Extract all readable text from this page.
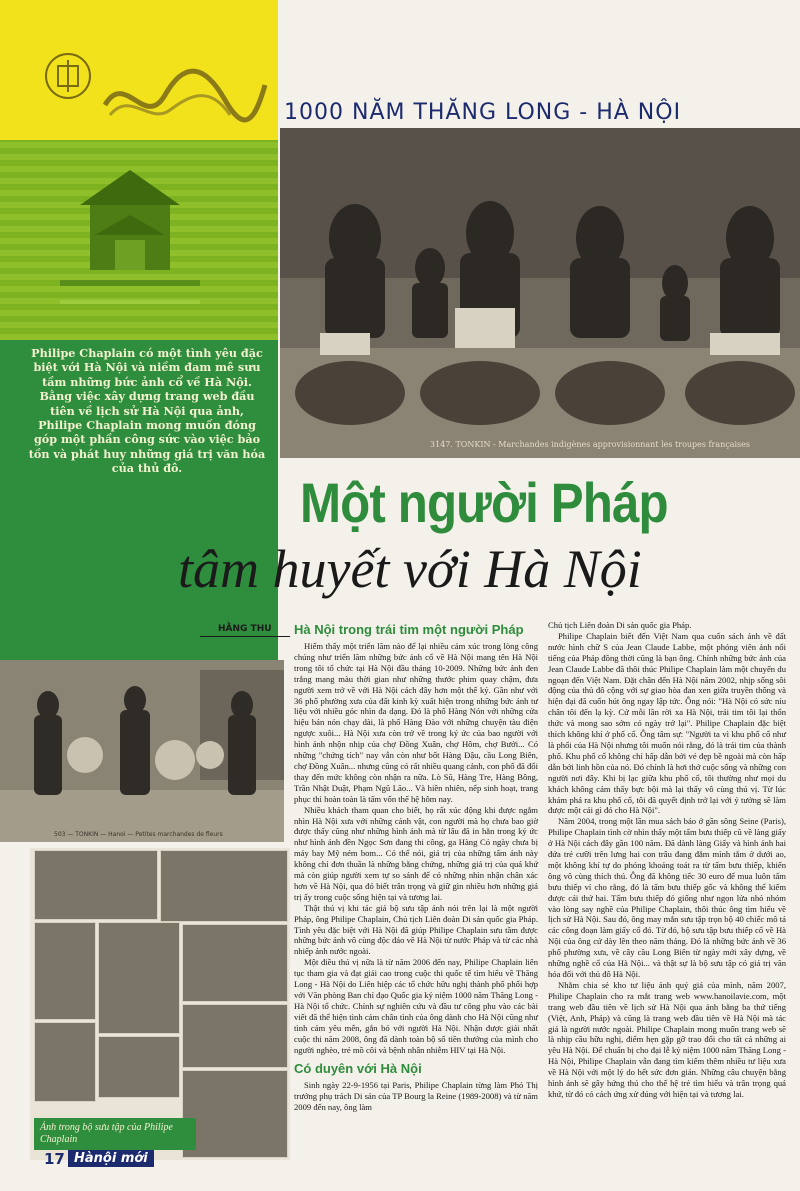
1000 NĂM THĂNG LONG - HÀ NỘI
3147. TONKIN - Marchandes indigènes approvisionnant les troupes françaises
Philipe Chaplain có một tình yêu đặc biệt với Hà Nội và niềm đam mê sưu tầm những bức ảnh cổ về Hà Nội. Bằng việc xây dựng trang web đầu tiên về lịch sử Hà Nội qua ảnh, Philipe Chaplain mong muốn đóng góp một phần công sức vào việc bảo tồn và phát huy những giá trị văn hóa của thủ đô.
Một người Pháp
tâm huyết với Hà Nội
HẰNG THU
503 — TONKIN — Hanoi — Petites marchandes de fleurs
Ảnh trong bộ sưu tập của Philipe Chaplain
17 Hànội mới
Hà Nội trong trái tim một người Pháp

Hiếm thấy một triển lãm nào để lại nhiều cảm xúc trong lòng công chúng như triển lãm những bức ảnh cổ về Hà Nội mang tên Hà Nội trong tôi tổ chức tại Hà Nội đầu tháng 10-2009. Những bức ảnh đen trắng mang màu thời gian như những thước phim quay chậm, đưa người xem trở về với Hà Nội cách đây hơn một thế kỷ. Gần như với 36 phố phường xưa của đất kinh kỳ xuất hiện trong những bức ảnh tư liệu với nhiều góc nhìn đa dạng. Đó là phố Hàng Nón với những cửa hiệu bán nón chạy dài, là phố Hàng Đào với những chuyện tàu điện ngược xuôi... Hà Nội xưa còn trở về trong ký ức của bao người với hình ảnh nhộn nhịp của chợ Đồng Xuân, chợ Hôm, chợ Bưởi... Có những "chứng tích" nay vẫn còn như bốt Hàng Đậu, cầu Long Biên, chợ Đồng Xuân... nhưng cũng có rất nhiều quang cảnh, con phố đã đổi thay đến mức không còn nhận ra nữa. Lò Sũ, Hàng Tre, Hàng Bông, Trần Nhật Duật, Phạm Ngũ Lão... Và hiền nhiên, nếp sinh hoạt, trang phục thì hoàn toàn là tấm vốn thế hệ hôm nay.

Nhiều khách tham quan cho biết, họ rất xúc động khi được ngắm nhìn Hà Nội xưa với những cảnh vật, con người mà họ chưa bao giờ được thấy cũng như những hình ảnh mà từ lâu đã in hằn trong ký ức như hình ảnh đền Ngọc Sơn đang thi công, ga Hàng Cỏ ngày chưa bị máy bay Mỹ ném bom... Có thể nói, giá trị của những tấm ảnh này không chỉ đơn thuần là những bằng chứng, những giá trị của quá khứ mà còn giúp người xem tự so sánh để có những nhìn nhận chân xác hơn về Hà Nội, qua đó biết trân trọng và giữ gìn nhiều hơn những giá trị ấy trong cuộc sống hiện tại và tương lai.

Thật thú vị khi tác giả bộ sưu tập ảnh nói trên lại là một người Pháp, ông Philipe Chaplain, Chủ tịch Liên đoàn Di sản quốc gia Pháp. Tình yêu đặc biệt với Hà Nội đã giúp Philipe Chaplain sưu tầm được những bức ảnh vô cùng độc đáo về Hà Nội từ nước Pháp và từ các nhà nhiếp ảnh nước ngoài.

Một điều thú vị nữa là từ năm 2006 đến nay, Philipe Chaplain liên tục tham gia và đạt giải cao trong cuộc thi quốc tế tìm hiểu về Thăng Long - Hà Nội do Liên hiệp các tổ chức hữu nghị thành phố phối hợp với Văn phòng Ban chỉ đạo Quốc gia kỷ niệm 1000 năm Thăng Long - Hà Nội tổ chức. Chính sự nghiên cứu và đầu tư công phu vào các bài viết đã thể hiện tình cảm chân tình của ông dành cho Hà Nội cũng như tình cảm yêu mến, gắn bó với người Hà Nội. Nhận được giải nhất cuộc thi năm 2008, ông đã dành toàn bộ số tiền thưởng của mình cho người nghèo, trẻ mồ côi và bệnh nhân nhiễm HIV tại Hà Nội.

Có duyên với Hà Nội

Sinh ngày 22-9-1956 tại Paris, Philipe Chaplain từng làm Phó Thị trưởng phụ trách Di sản của TP Bourg la Reine (1989-2008) và từ năm 2009 đến nay, ông làm

Chủ tịch Liên đoàn Di sản quốc gia Pháp.

Philipe Chaplain biết đến Việt Nam qua cuốn sách ảnh về đất nước hình chữ S của Jean Claude Labbe, một phóng viên ảnh nổi tiếng của Pháp đồng thời cũng là bạn ông. Chính những bức ảnh của Jean Claude Labbe đã thôi thúc Philipe Chaplain làm một chuyến du ngoạn đến Việt Nam. Đặt chân đến Hà Nội năm 2002, nhịp sống sôi động của thủ đô cộng với sự giao hòa đan xen giữa truyền thống và hiện đại đã cuốn hút ông ngay lập tức. Ông nói: "Hà Nội có sức níu chân tôi đến lạ kỳ. Cứ mỗi lần rời xa Hà Nội, trái tim tôi lại thổn thức và mong sao sớm có ngày trở lại". Philipe Chaplain đặc biệt thích không khí ở phố cổ. Ông tâm sự: "Người ta vì khu phố cổ như là phổi của Hà Nội nhưng tôi muốn nói rằng, đó là trái tim của thành phố. Khu phố cổ không chỉ hấp dẫn bởi vẻ đẹp bề ngoài mà còn hấp dẫn bởi linh hồn của nó. Đó chính là hơi thở cuộc sống và những con người nơi đây. Khi bị lạc giữa khu phố cổ, tôi thường như mọi du khách không cảm thấy bực bội mà lại thấy vô cùng thú vị. Từ lúc khám phá ra khu phố cổ, tôi đã quyết định trở lại với ý tưởng sẽ làm được một cái gì đó cho Hà Nội".

Năm 2004, trong một lần mua sách báo ở gần sông Seine (Paris), Philipe Chaplain tình cờ nhìn thấy một tấm bưu thiếp cũ về làng giấy ở Hà Nội cách đây gần 100 năm. Đã dành làng Giấy và hình ảnh hai đứa trẻ cưỡi trên lưng hai con trâu đang đắm mình tắm ở dưới ao, một không khí tự do phóng khoáng toát ra từ tấm bưu thiếp, khiến ông vô cùng thích thú. Ông đã không tiếc 30 euro để mua luôn tấm bưu thiếp ví cho rằng, đó là tấm bưu thiếp gốc và không thể kiếm được cái thứ hai. Tấm bưu thiếp đó giống như ngọn lửa nhỏ nhóm vào lòng say nghề của Philipe Chaplain, thôi thúc ông tìm hiểu về lịch sử Hà Nội. Sau đó, ông may mắn sưu tập trọn bộ 40 chiếc mô tả các công đoạn làm giấy cổ đó. Từ đó, bộ sưu tập bưu thiếp cổ về Hà Nội của ông cứ dày lên theo năm tháng. Đó là những bức ảnh về 36 phố phường xưa, về cây cầu Long Biên từ ngày mới xây dựng, về những nghề cổ của Hà Nội... và thật sự là bộ sưu tập có giá trị văn hóa đối với thủ đô Hà Nội.

Nhằm chia sẻ kho tư liệu ảnh quý giá của mình, năm 2007, Philipe Chaplain cho ra mắt trang web www.hanoilavie.com, một trang web đầu tiên về lịch sử Hà Nội qua ảnh bằng ba thứ tiếng (Việt, Anh, Pháp) và cũng là trang web đầu tiên về Hà Nội mà tác giả là người nước ngoài. Philipe Chaplain mong muốn trang web sẽ là nhịp cầu hữu nghị, điểm hẹn gặp gỡ trao đổi cho tất cả những ai yêu Hà Nội. Để chuẩn bị cho đại lễ kỷ niệm 1000 năm Thăng Long - Hà Nội, Philipe Chaplain vẫn đang tìm kiếm thêm nhiều tư liệu xưa về Hà Nội với một lý do hết sức đơn giản. Những câu chuyện bằng hình ảnh sẽ gây hứng thú cho thế hệ trẻ tìm hiểu và trân trọng quá khứ, từ đó có cách ứng xử đúng với hiện tại và tương lai.
